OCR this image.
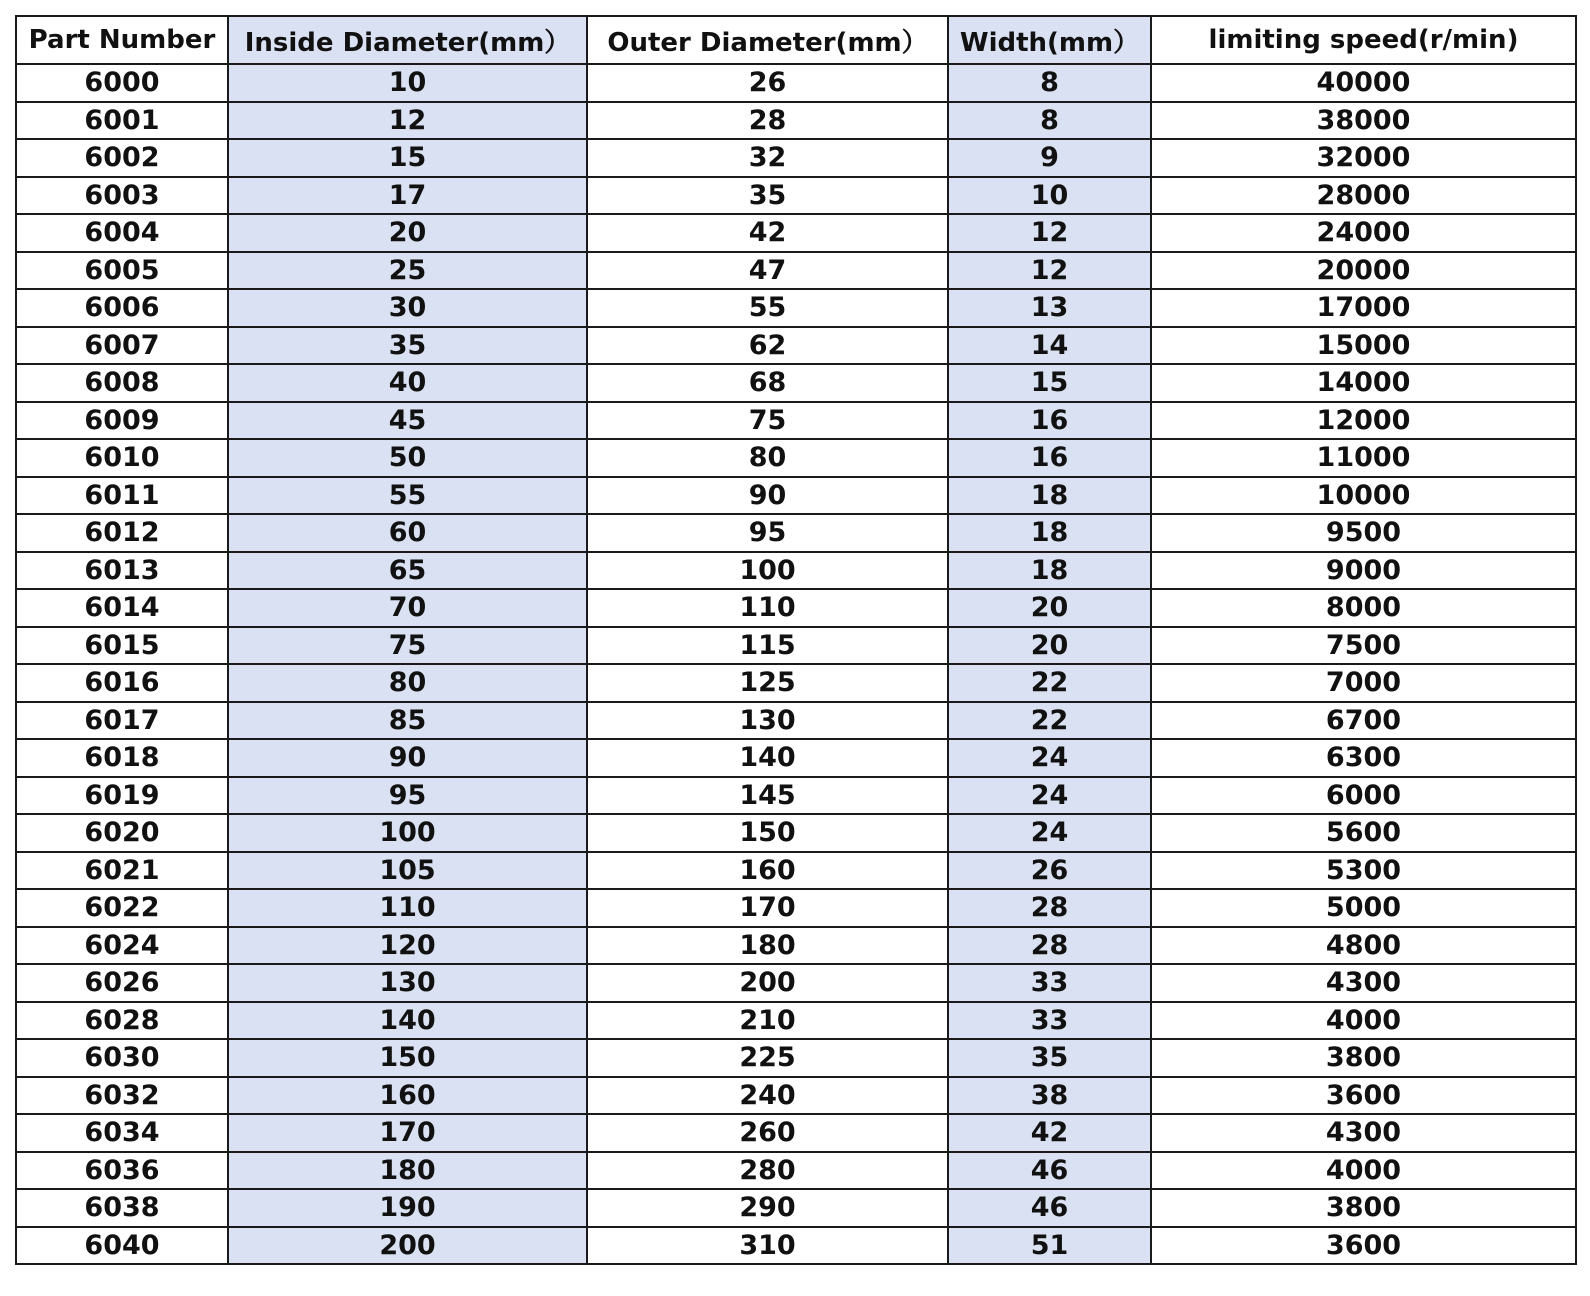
Part Number	Inside Diameter(mm）	Outer Diameter(mm）	Width(mm）	limiting speed(r/min)
6000	10	26	8	40000
6001	12	28	8	38000
6002	15	32	9	32000
6003	17	35	10	28000
6004	20	42	12	24000
6005	25	47	12	20000
6006	30	55	13	17000
6007	35	62	14	15000
6008	40	68	15	14000
6009	45	75	16	12000
6010	50	80	16	11000
6011	55	90	18	10000
6012	60	95	18	9500
6013	65	100	18	9000
6014	70	110	20	8000
6015	75	115	20	7500
6016	80	125	22	7000
6017	85	130	22	6700
6018	90	140	24	6300
6019	95	145	24	6000
6020	100	150	24	5600
6021	105	160	26	5300
6022	110	170	28	5000
6024	120	180	28	4800
6026	130	200	33	4300
6028	140	210	33	4000
6030	150	225	35	3800
6032	160	240	38	3600
6034	170	260	42	4300
6036	180	280	46	4000
6038	190	290	46	3800
6040	200	310	51	3600
